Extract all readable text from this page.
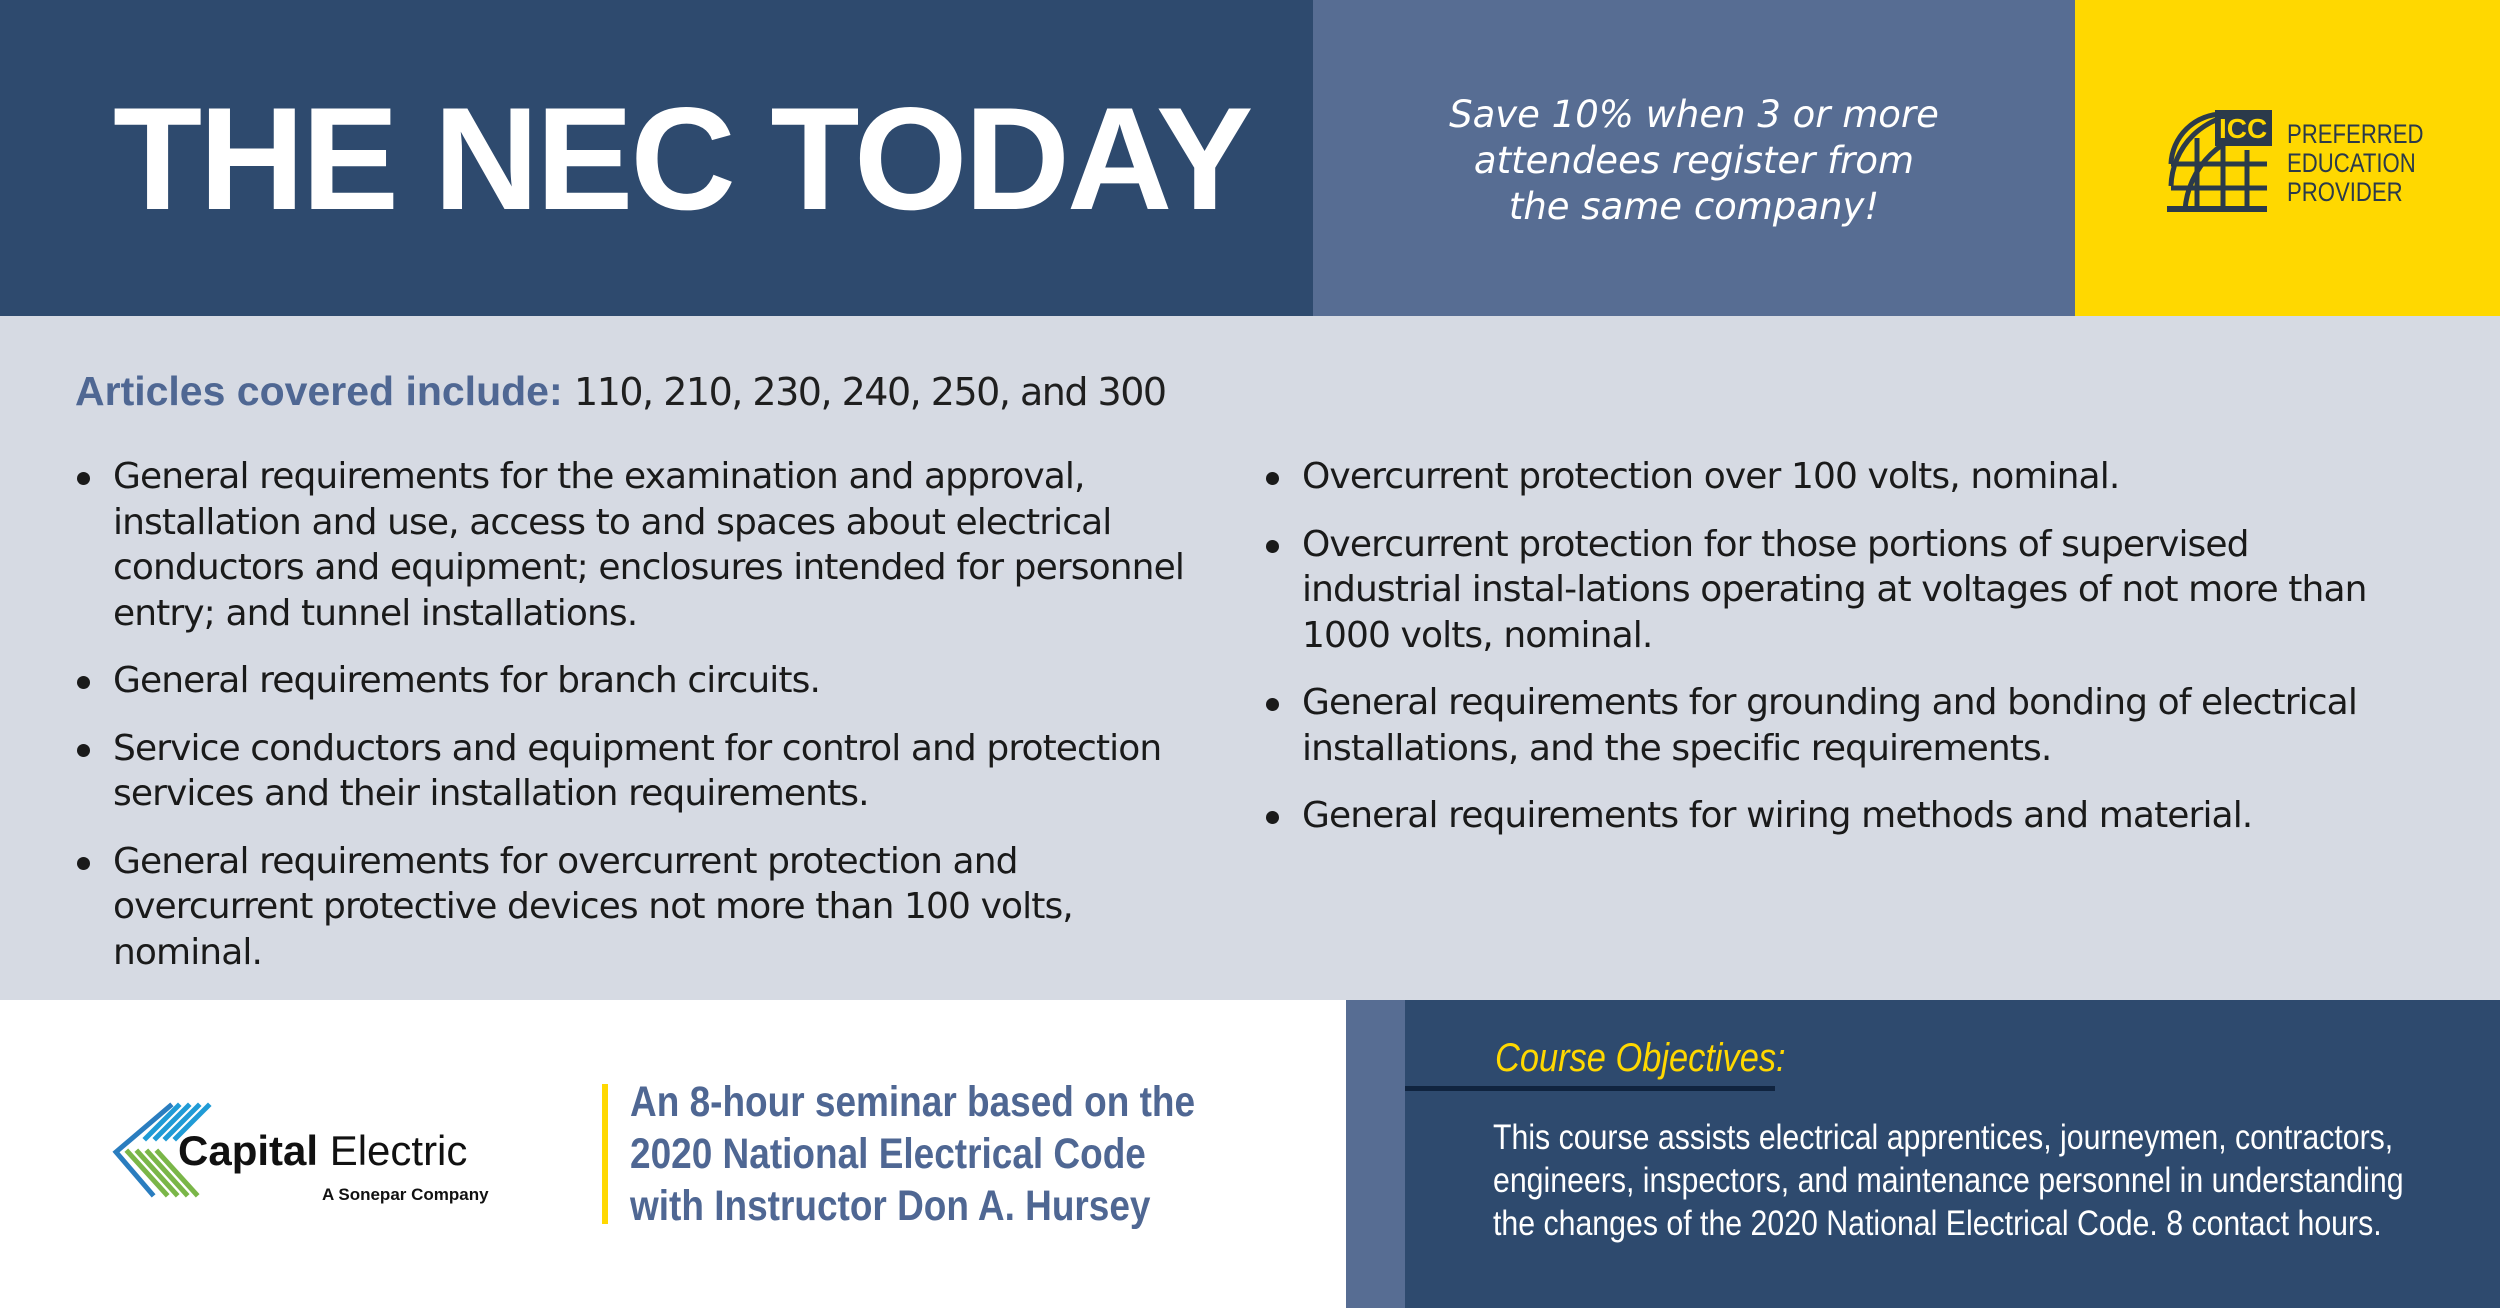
THE NEC TODAY	Save 10% when 3 or more
attendees register from
the same company!
ICC PREFERRED
EDUCATION
PROVIDER
Articles covered include: 110, 210, 230, 240, 250, and 300
General requirements for the examination and approval, installation and use, access to and spaces about electrical conductors and equipment; enclosures intended for personnel entry; and tunnel installations.
General requirements for branch circuits.
Service conductors and equipment for control and protection services and their installation requirements.
General requirements for overcurrent protection and overcurrent protective devices not more than 100 volts, nominal.
Overcurrent protection over 100 volts, nominal.
Overcurrent protection for those portions of supervised industrial instal-lations operating at voltages of not more than 1000 volts, nominal.
General requirements for grounding and bonding of electrical installations, and the specific requirements.
General requirements for wiring methods and material.
Capital Electric
A Sonepar Company
An 8-hour seminar based on the
2020 National Electrical Code
with Instructor Don A. Hursey
Course Objectives:
This course assists electrical apprentices, journeymen, contractors,
engineers, inspectors, and maintenance personnel in understanding
the changes of the 2020 National Electrical Code. 8 contact hours.
